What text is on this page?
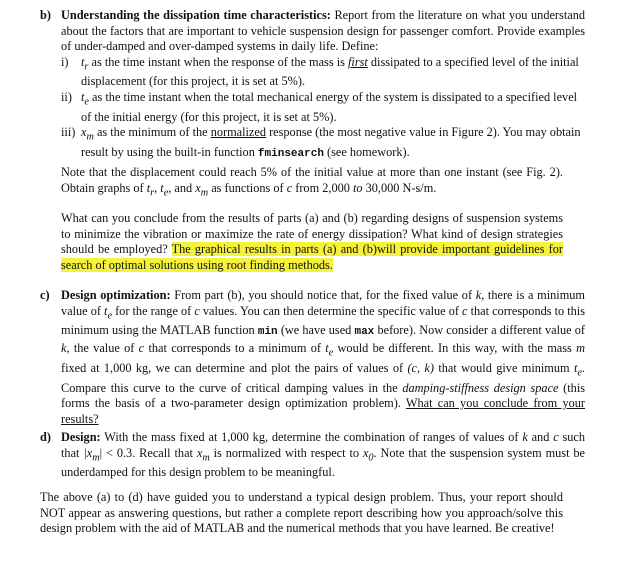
b) Understanding the dissipation time characteristics: Report from the literature on what you understand about the factors that are important to vehicle suspension design for passenger comfort. Provide examples of under-damped and over-damped systems in daily life. Define:
i) $t_r$ as the time instant when the response of the mass is first dissipated to a specified level of the initial displacement (for this project, it is set at 5%).
ii) $t_e$ as the time instant when the total mechanical energy of the system is dissipated to a specified level of the initial energy (for this project, it is set at 5%).
iii) $x_m$ as the minimum of the normalized response (the most negative value in Figure 2). You may obtain result by using the built-in function fminsearch (see homework).
Note that the displacement could reach 5% of the initial value at more than one instant (see Fig. 2). Obtain graphs of $t_r$, $t_e$, and $x_m$ as functions of c from 2,000 to 30,000 N-s/m.
What can you conclude from the results of parts (a) and (b) regarding designs of suspension systems to minimize the vibration or maximize the rate of energy dissipation? What kind of design strategies should be employed? The graphical results in parts (a) and (b)will provide important guidelines for search of optimal solutions using root finding methods.
c) Design optimization: From part (b), you should notice that, for the fixed value of k, there is a minimum value of $t_e$ for the range of c values. You can then determine the specific value of c that corresponds to this minimum using the MATLAB function min (we have used max before). Now consider a different value of k, the value of c that corresponds to a minimum of $t_e$ would be different. In this way, with the mass m fixed at 1,000 kg, we can determine and plot the pairs of values of (c, k) that would give minimum $t_e$. Compare this curve to the curve of critical damping values in the damping-stiffness design space (this forms the basis of a two-parameter design optimization problem). What can you conclude from your results?
d) Design: With the mass fixed at 1,000 kg, determine the combination of ranges of values of k and c such that $|x_m| < 0.3$. Recall that $x_m$ is normalized with respect to $x_0$. Note that the suspension system must be underdamped for this design problem to be meaningful.
The above (a) to (d) have guided you to understand a typical design problem. Thus, your report should NOT appear as answering questions, but rather a complete report describing how you approach/solve this design problem with the aid of MATLAB and the numerical methods that you have learned. Be creative!
